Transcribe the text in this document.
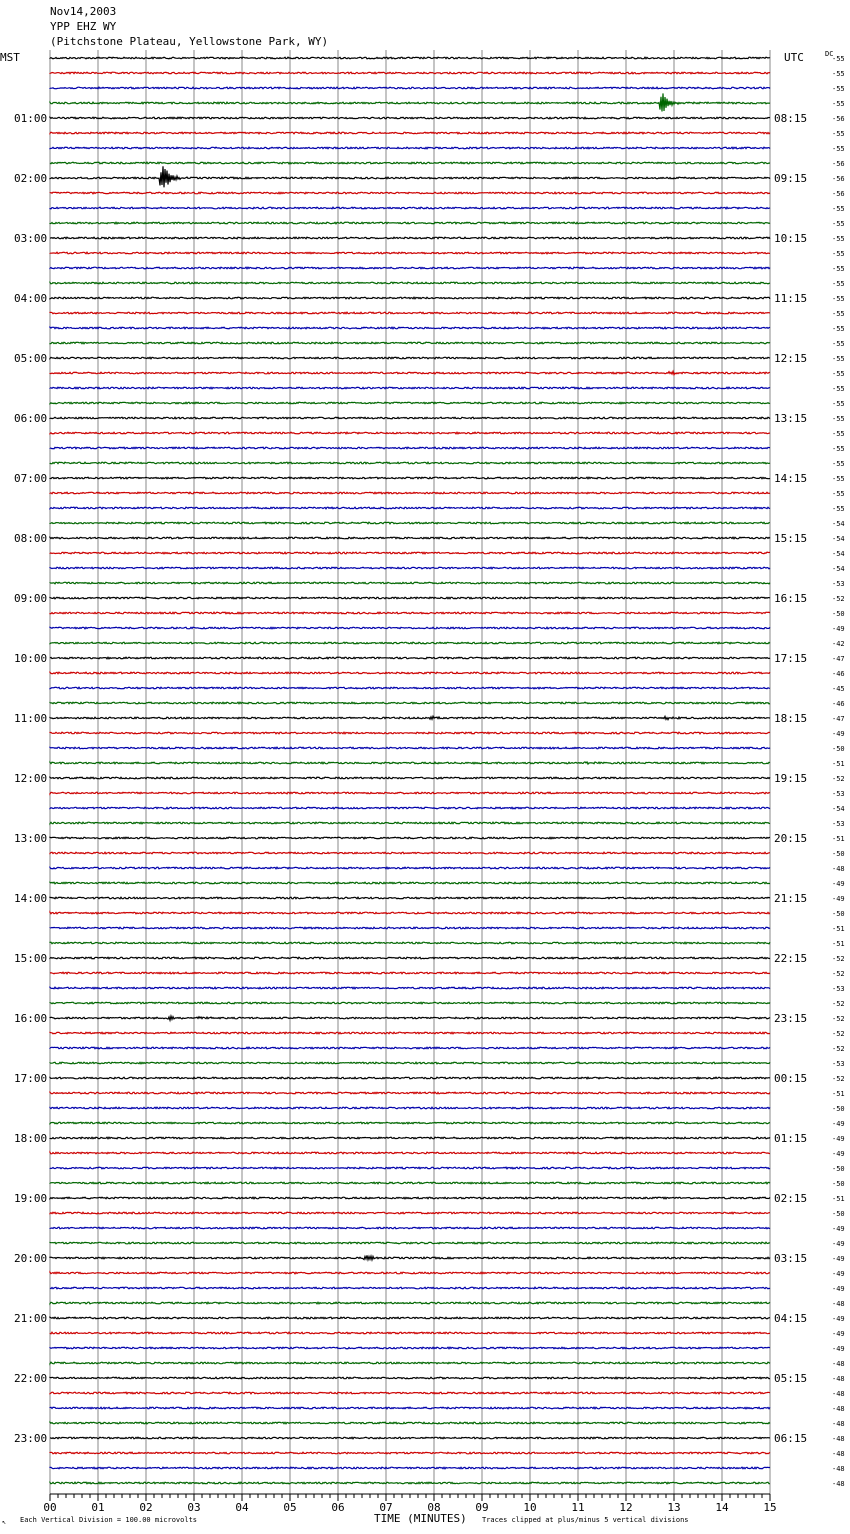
Nov14,2003
YPP EHZ WY
(Pitchstone Plateau, Yellowstone Park, WY)
MST	UTC	DC
01:00
02:00
03:00
04:00
05:00
06:00
07:00
08:00
09:00
10:00
11:00
12:00
13:00
14:00
15:00
16:00
17:00
18:00
19:00
20:00
21:00
22:00
23:00
08:15
09:15
10:15
11:15
12:15
13:15
14:15
15:15
16:15
17:15
18:15
19:15
20:15
21:15
22:15
23:15
00:15
01:15
02:15
03:15
04:15
05:15
06:15
-55
-55
-55
-55
-56
-55
-55
-56
-56
-56
-55
-55
-55
-55
-55
-55
-55
-55
-55
-55
-55
-55
-55
-55
-55
-55
-55
-55
-55
-55
-55
-54
-54
-54
-54
-53
-52
-50
-49
-42
-47
-46
-45
-46
-47
-49
-50
-51
-52
-53
-54
-53
-51
-50
-48
-49
-49
-50
-51
-51
-52
-52
-53
-52
-52
-52
-52
-53
-52
-51
-50
-49
-49
-49
-50
-50
-51
-50
-49
-49
-49
-49
-49
-48
-49
-49
-49
-48
-48
-48
-48
-48
-48
-48
-48
-48
00	01	02	03	04	05	06	07	08	09	10	11	12	13	14	15
↖ Each Vertical Division = 100.00 microvolts	TIME (MINUTES) Traces clipped at plus/minus 5 vertical divisions
